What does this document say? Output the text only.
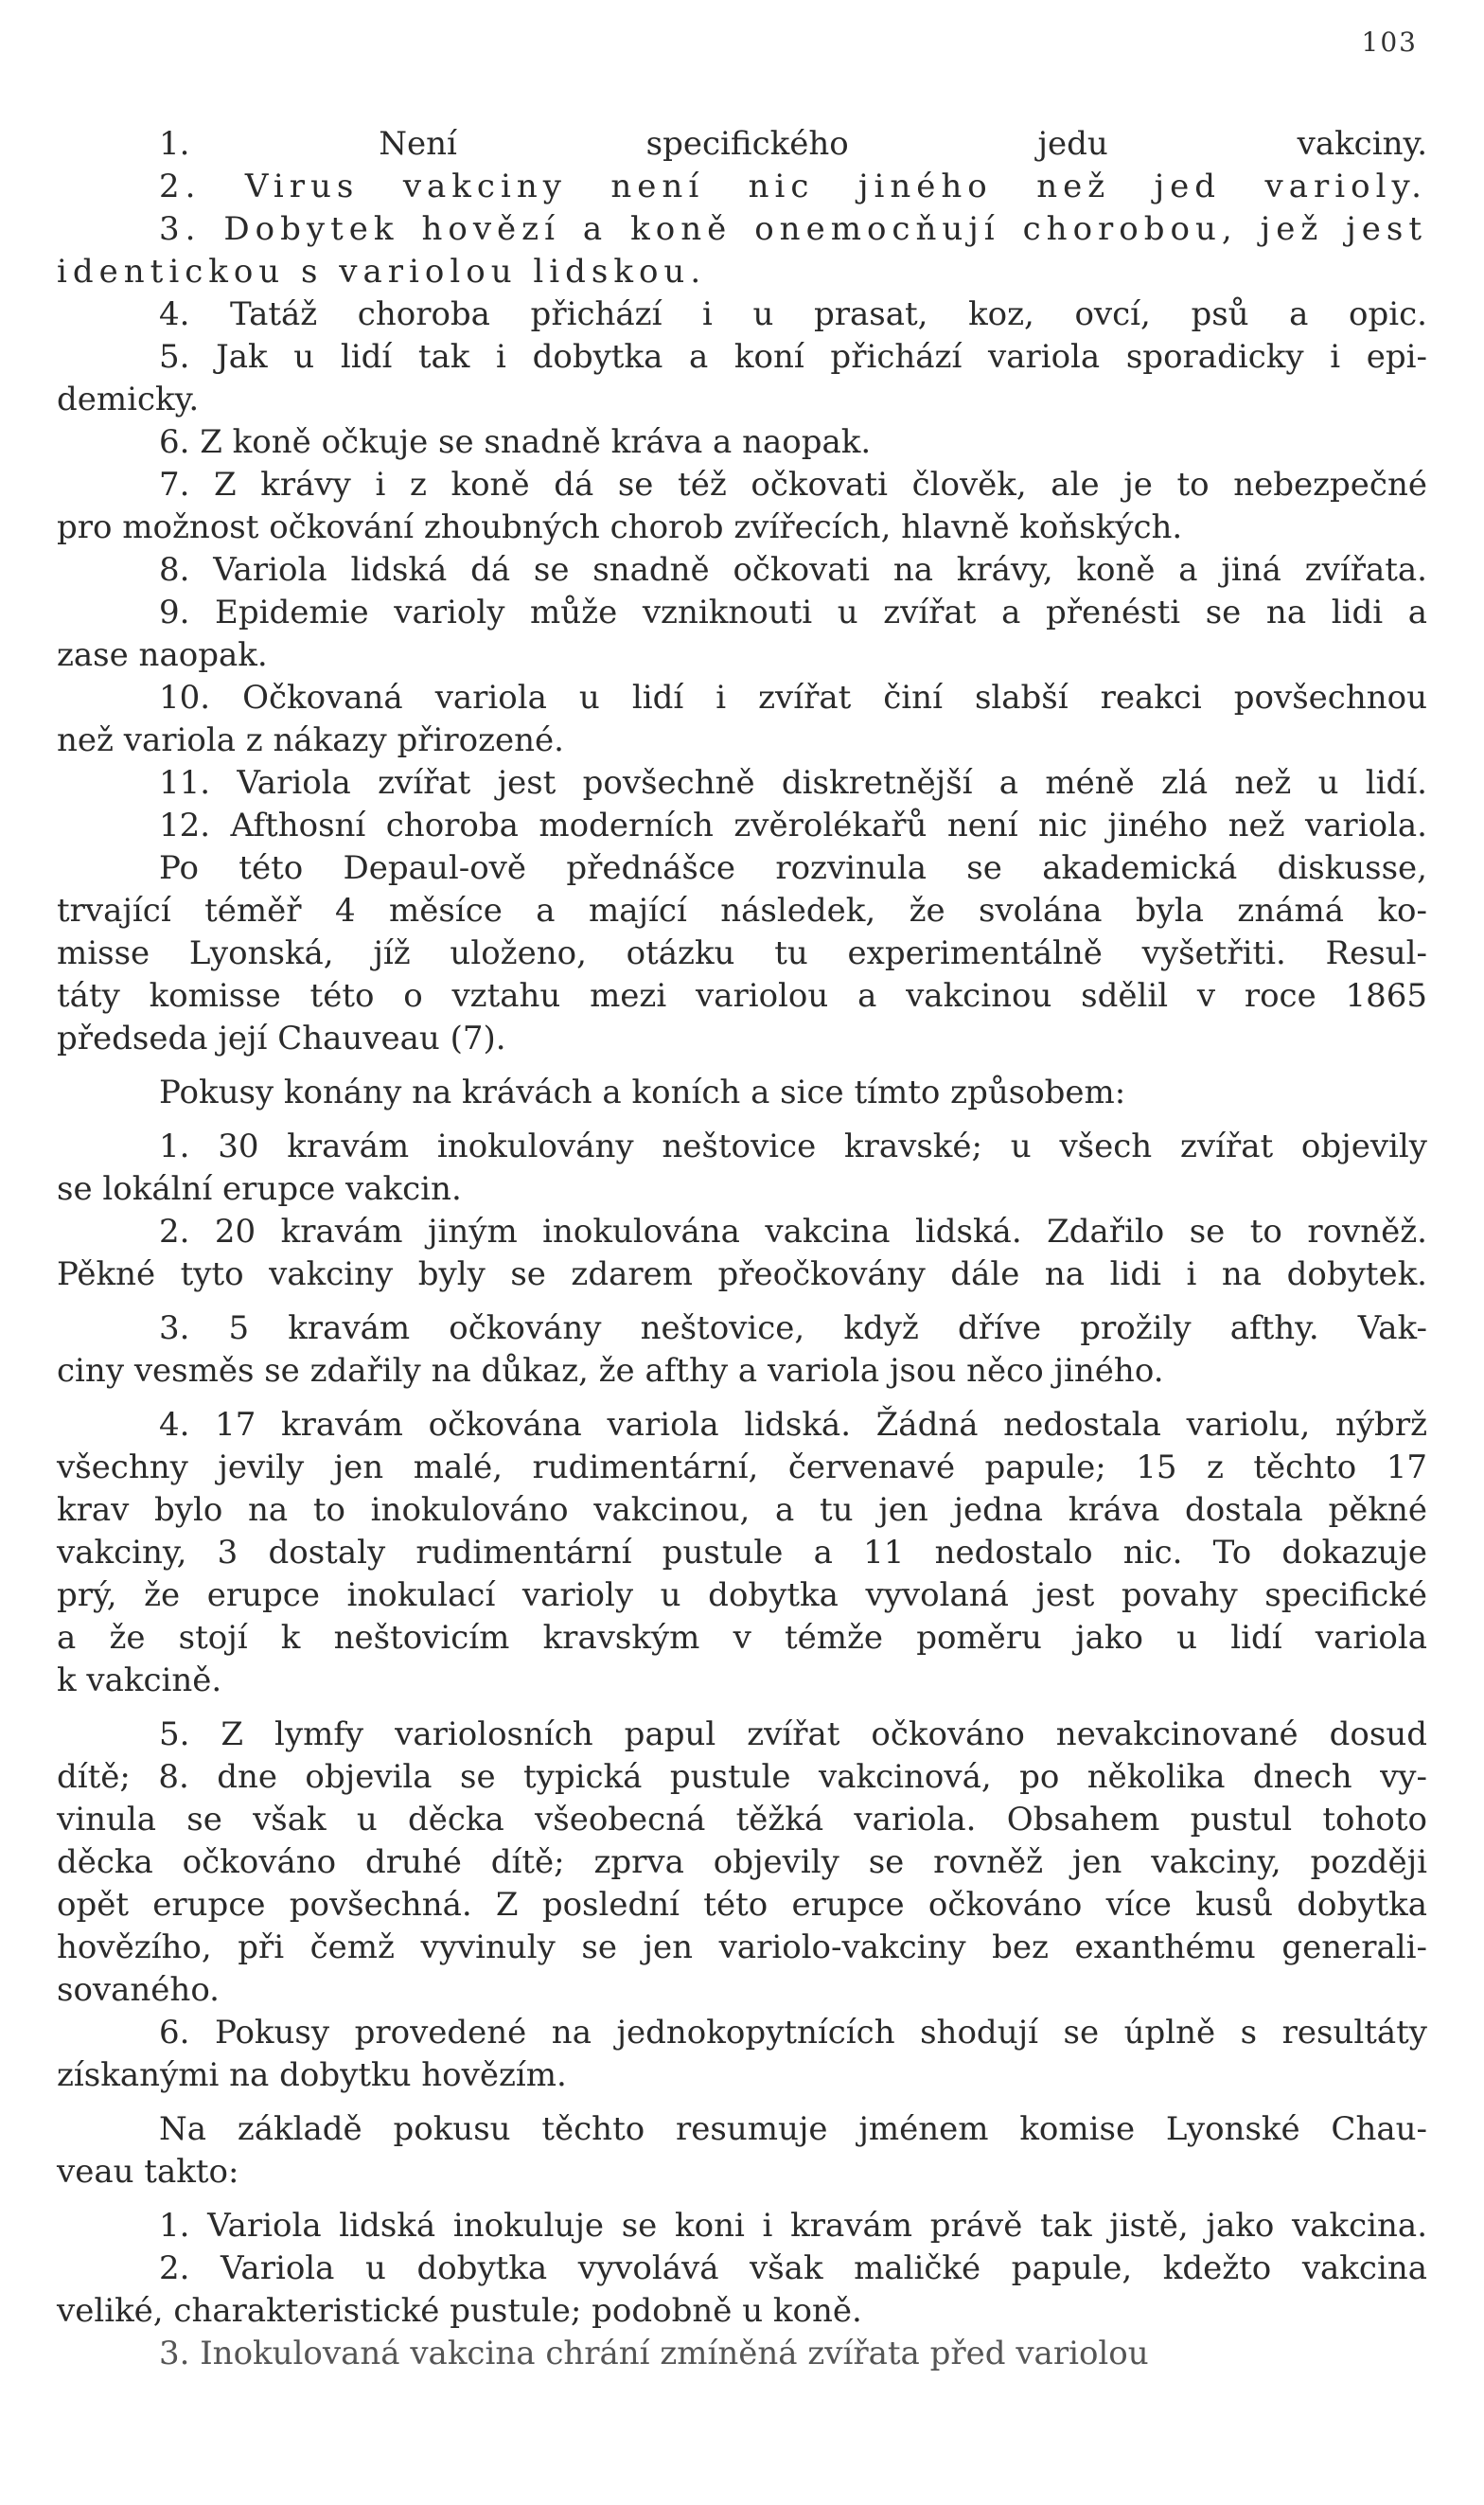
103
1. Není specifického jedu vakciny.
2. Virus vakciny není nic jiného než jed varioly.
3. Dobytek hovězí a koně onemocňují chorobou, jež jest
identickou s variolou lidskou.
4. Tatáž choroba přichází i u prasat, koz, ovcí, psů a opic.
5. Jak u lidí tak i dobytka a koní přichází variola sporadicky i epi-
demicky.
6. Z koně očkuje se snadně kráva a naopak.
7. Z krávy i z koně dá se též očkovati člověk, ale je to nebezpečné
pro možnost očkování zhoubných chorob zvířecích, hlavně koňských.
8. Variola lidská dá se snadně očkovati na krávy, koně a jiná zvířata.
9. Epidemie varioly může vzniknouti u zvířat a přenésti se na lidi a
zase naopak.
10. Očkovaná variola u lidí i zvířat činí slabší reakci povšechnou
než variola z nákazy přirozené.
11. Variola zvířat jest povšechně diskretnější a méně zlá než u lidí.
12. Afthosní choroba moderních zvěrolékařů není nic jiného než variola.
Po této Depaul-ově přednášce rozvinula se akademická diskusse,
trvající téměř 4 měsíce a mající následek, že svolána byla známá ko-
misse Lyonská, jíž uloženo, otázku tu experimentálně vyšetřiti. Resul-
táty komisse této o vztahu mezi variolou a vakcinou sdělil v roce 1865
předseda její Chauveau (7).
Pokusy konány na krávách a koních a sice tímto způsobem:
1. 30 kravám inokulovány neštovice kravské; u všech zvířat objevily
se lokální erupce vakcin.
2. 20 kravám jiným inokulována vakcina lidská. Zdařilo se to rovněž.
Pěkné tyto vakciny byly se zdarem přeočkovány dále na lidi i na dobytek.
3. 5 kravám očkovány neštovice, když dříve prožily afthy. Vak-
ciny vesměs se zdařily na důkaz, že afthy a variola jsou něco jiného.
4. 17 kravám očkována variola lidská. Žádná nedostala variolu, nýbrž
všechny jevily jen malé, rudimentární, červenavé papule; 15 z těchto 17
krav bylo na to inokulováno vakcinou, a tu jen jedna kráva dostala pěkné
vakciny, 3 dostaly rudimentární pustule a 11 nedostalo nic. To dokazuje
prý, že erupce inokulací varioly u dobytka vyvolaná jest povahy specifické
a že stojí k neštovicím kravským v témže poměru jako u lidí variola
k vakcině.
5. Z lymfy variolosních papul zvířat očkováno nevakcinované dosud
dítě; 8. dne objevila se typická pustule vakcinová, po několika dnech vy-
vinula se však u děcka všeobecná těžká variola. Obsahem pustul tohoto
děcka očkováno druhé dítě; zprva objevily se rovněž jen vakciny, později
opět erupce povšechná. Z poslední této erupce očkováno více kusů dobytka
hovězího, při čemž vyvinuly se jen variolo-vakciny bez exanthému generali-
sovaného.
6. Pokusy provedené na jednokopytnících shodují se úplně s resultáty
získanými na dobytku hovězím.
Na základě pokusu těchto resumuje jménem komise Lyonské Chau-
veau takto:
1. Variola lidská inokuluje se koni i kravám právě tak jistě, jako vakcina.
2. Variola u dobytka vyvolává však maličké papule, kdežto vakcina
veliké, charakteristické pustule; podobně u koně.
3. Inokulovaná vakcina chrání zmíněná zvířata před variolou
